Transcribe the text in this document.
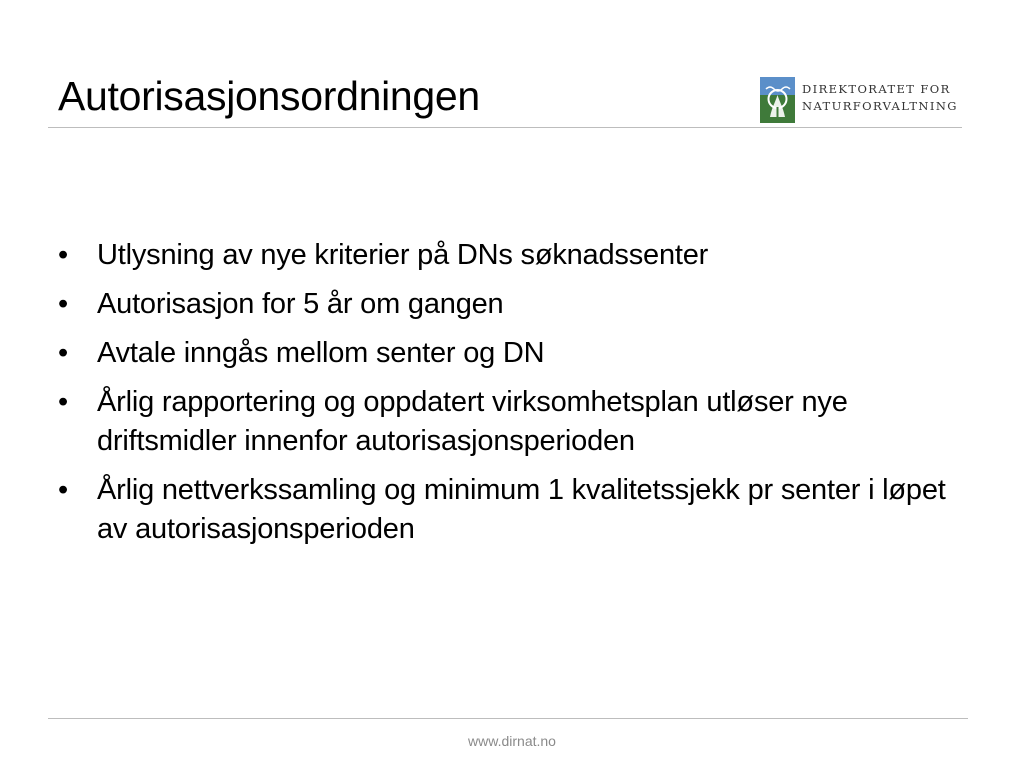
Autorisasjonsordningen	DIREKTORATET FOR
NATURFORVALTNING
•	Utlysning av nye kriterier på DNs søknadssenter
•	Autorisasjon for 5 år om gangen
•	Avtale inngås mellom senter og DN
•	Årlig rapportering og oppdatert virksomhetsplan utløser nye driftsmidler innenfor autorisasjonsperioden
•	Årlig nettverkssamling og minimum 1 kvalitetssjekk pr senter i løpet av autorisasjonsperioden
www.dirnat.no
